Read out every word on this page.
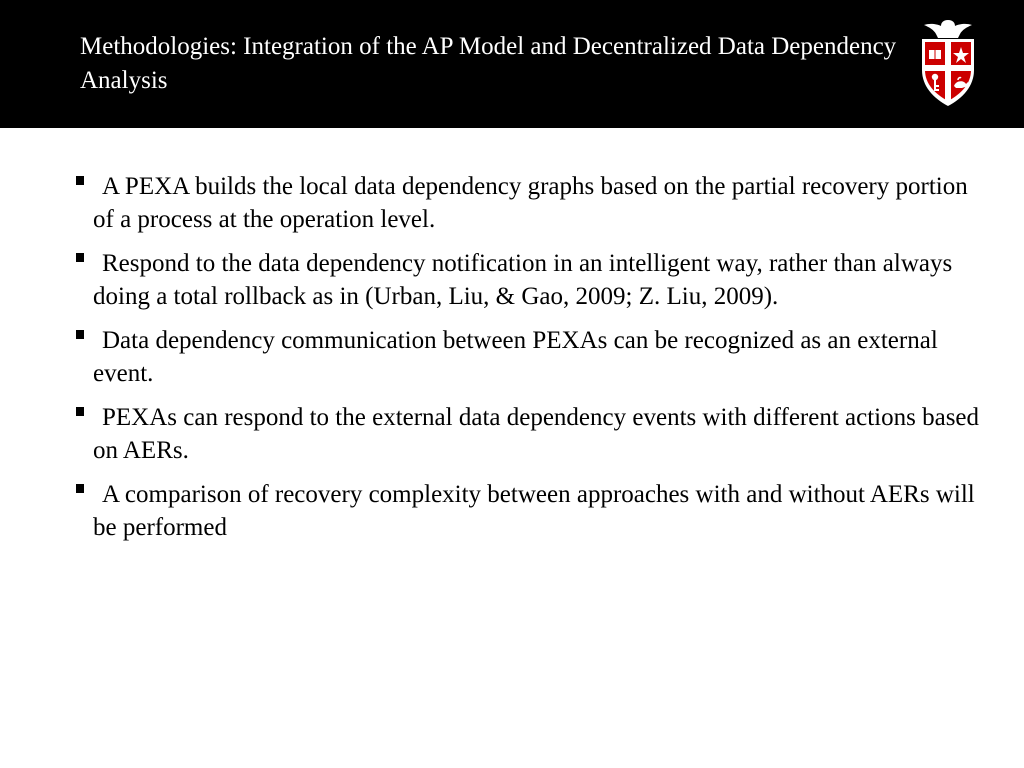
Methodologies: Integration of the AP Model and Decentralized Data Dependency Analysis
A PEXA builds the local data dependency graphs based on the partial recovery portion of a process at the operation level.
Respond to the data dependency notification in an intelligent way, rather than always doing a total rollback as in (Urban, Liu, & Gao, 2009; Z. Liu, 2009).
Data dependency communication between PEXAs can be recognized as an external event.
PEXAs can respond to the external data dependency events with different actions based on AERs.
A comparison of recovery complexity between approaches with and without AERs will be performed
